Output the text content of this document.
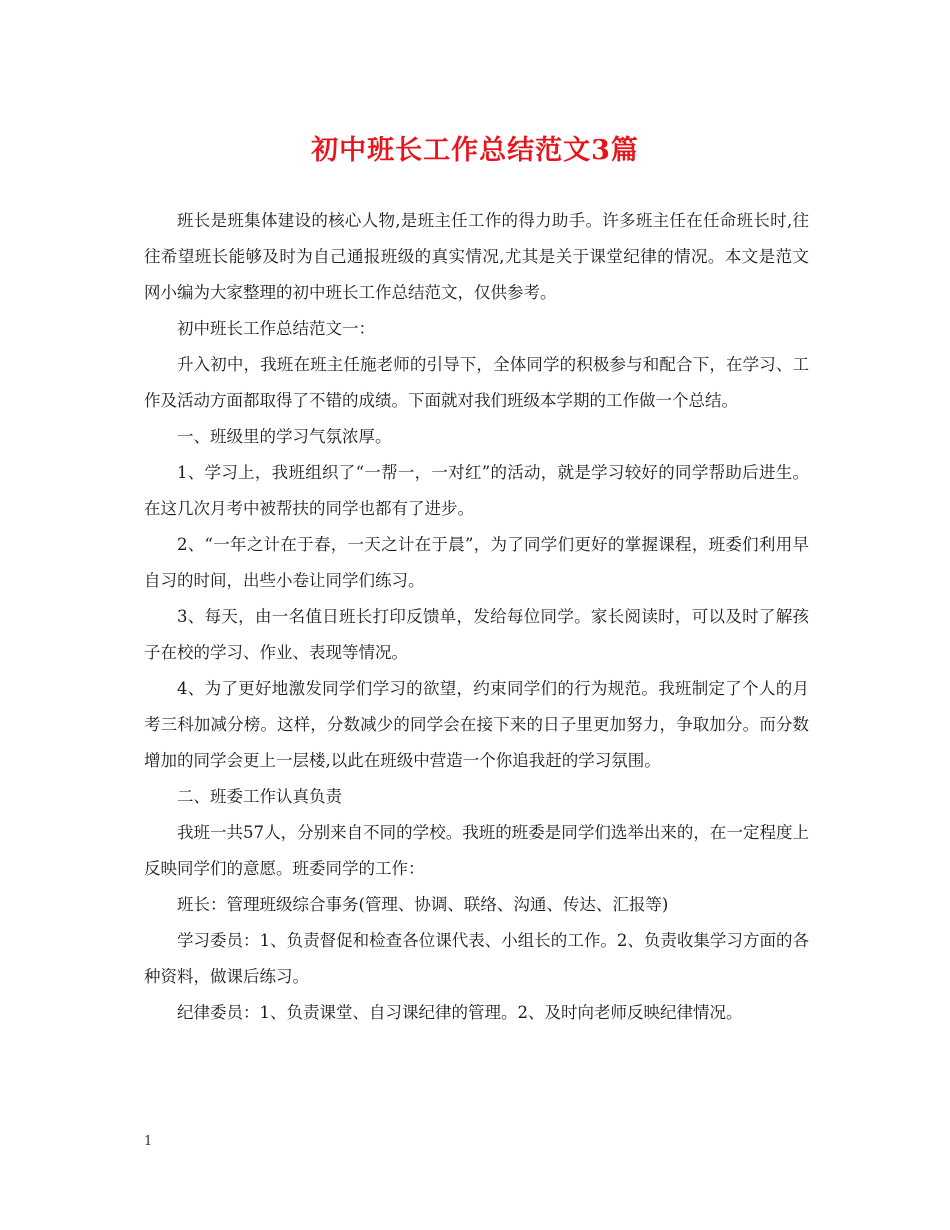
初中班长工作总结范文3篇

班长是班集体建设的核心人物,是班主任工作的得力助手。许多班主任在任命班长时,往往希望班长能够及时为自己通报班级的真实情况,尤其是关于课堂纪律的情况。本文是范文网小编为大家整理的初中班长工作总结范文，仅供参考。

初中班长工作总结范文一：

升入初中，我班在班主任施老师的引导下，全体同学的积极参与和配合下，在学习、工作及活动方面都取得了不错的成绩。下面就对我们班级本学期的工作做一个总结。

一、班级里的学习气氛浓厚。

1、学习上，我班组织了“一帮一，一对红”的活动，就是学习较好的同学帮助后进生。在这几次月考中被帮扶的同学也都有了进步。

2、“一年之计在于春，一天之计在于晨”，为了同学们更好的掌握课程，班委们利用早自习的时间，出些小卷让同学们练习。

3、每天，由一名值日班长打印反馈单，发给每位同学。家长阅读时，可以及时了解孩子在校的学习、作业、表现等情况。

4、为了更好地激发同学们学习的欲望，约束同学们的行为规范。我班制定了个人的月考三科加减分榜。这样，分数减少的同学会在接下来的日子里更加努力，争取加分。而分数增加的同学会更上一层楼,以此在班级中营造一个你追我赶的学习氛围。

二、班委工作认真负责

我班一共57人，分别来自不同的学校。我班的班委是同学们选举出来的，在一定程度上反映同学们的意愿。班委同学的工作：

班长：管理班级综合事务(管理、协调、联络、沟通、传达、汇报等)

学习委员：1、负责督促和检查各位课代表、小组长的工作。2、负责收集学习方面的各种资料，做课后练习。

纪律委员：1、负责课堂、自习课纪律的管理。2、及时向老师反映纪律情况。

1
